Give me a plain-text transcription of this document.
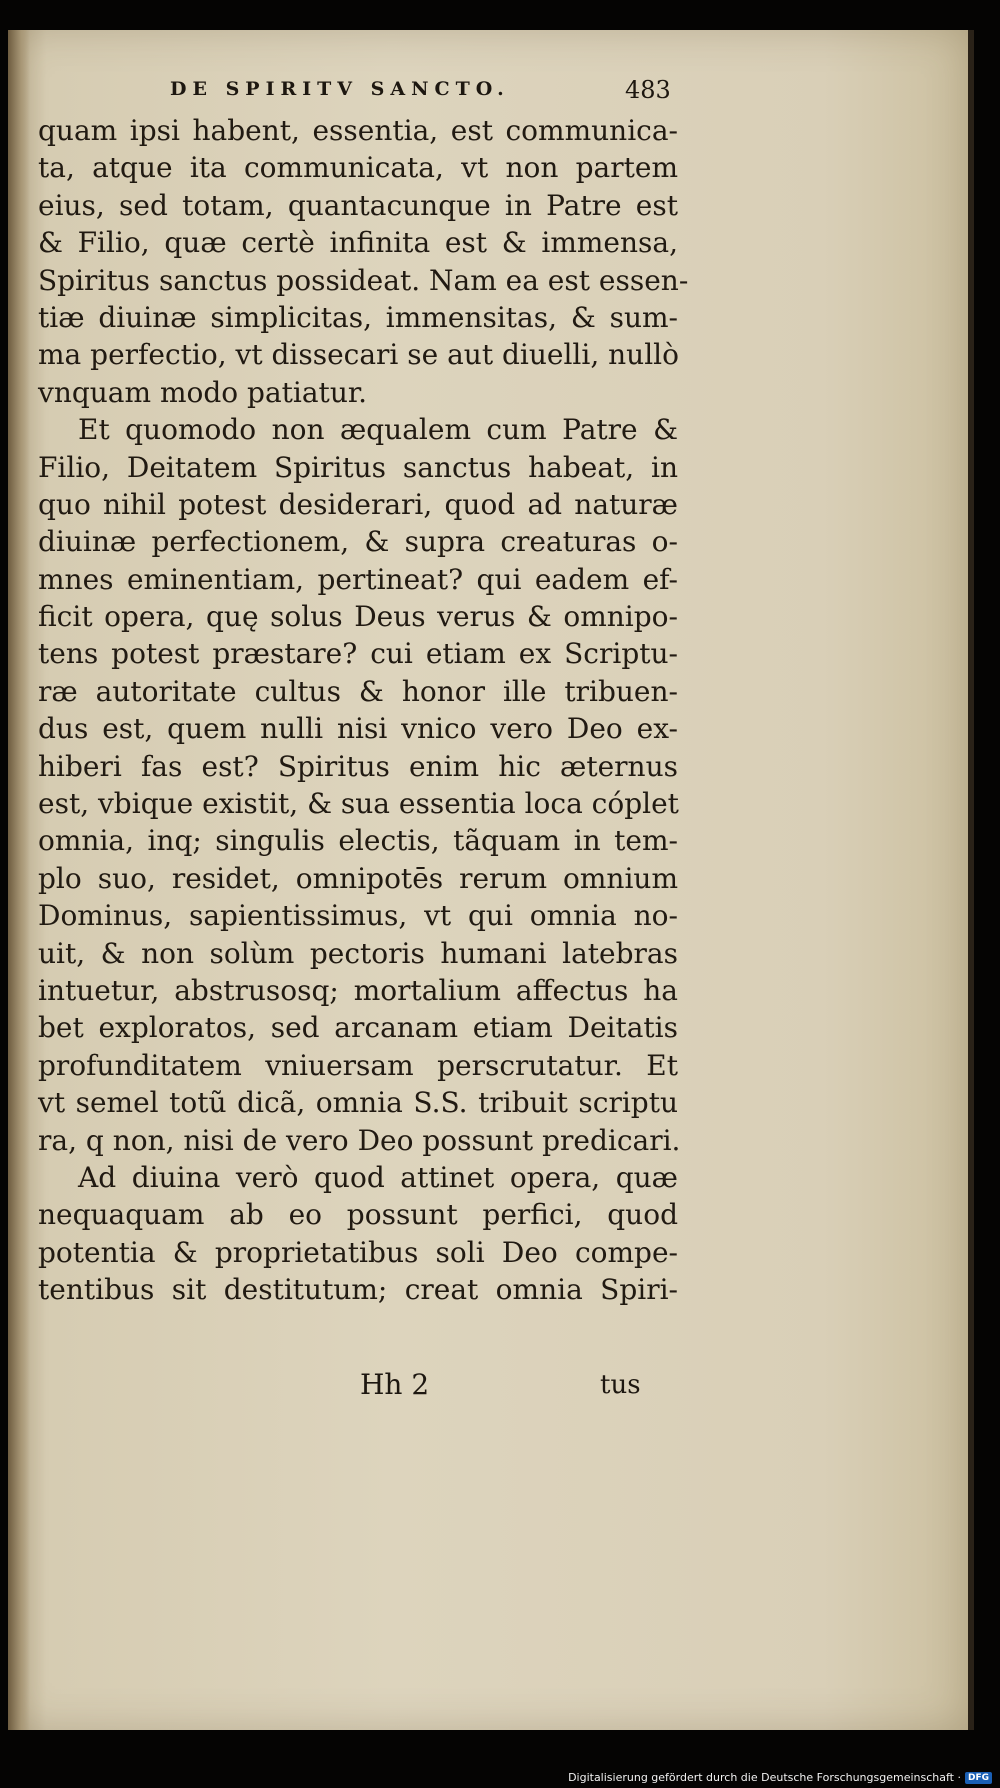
DE SPIRITV SANCTO.	483
quam ipsi habent, essentia, est communica-
ta, atque ita communicata, vt non partem
eius, sed totam, quantacunque in Patre est
& Filio, quæ certè infinita est & immensa,
Spiritus sanctus possideat. Nam ea est essen-
tiæ diuinæ simplicitas, immensitas, & sum-
ma perfectio, vt dissecari se aut diuelli, nullò
vnquam modo patiatur.
Et quomodo non æqualem cum Patre &
Filio, Deitatem Spiritus sanctus habeat, in
quo nihil potest desiderari, quod ad naturæ
diuinæ perfectionem, & supra creaturas o-
mnes eminentiam, pertineat? qui eadem ef-
ficit opera, quę solus Deus verus & omnipo-
tens potest præstare? cui etiam ex Scriptu-
ræ autoritate cultus & honor ille tribuen-
dus est, quem nulli nisi vnico vero Deo ex-
hiberi fas est? Spiritus enim hic æternus
est, vbique existit, & sua essentia loca cóplet
omnia, inq; singulis electis, tãquam in tem-
plo suo, residet, omnipotēs rerum omnium
Dominus, sapientissimus, vt qui omnia no-
uit, & non solùm pectoris humani latebras
intuetur, abstrusosq; mortalium affectus ha
bet exploratos, sed arcanam etiam Deitatis
profunditatem vniuersam perscrutatur. Et
vt semel totũ dicã, omnia S.S. tribuit scriptu
ra, q non, nisi de vero Deo possunt predicari.
Ad diuina verò quod attinet opera, quæ
nequaquam ab eo possunt perfici, quod
potentia & proprietatibus soli Deo compe-
tentibus sit destitutum; creat omnia Spiri-
Hh 2	tus
Digitalisierung gefördert durch die Deutsche Forschungsgemeinschaft · DFG
